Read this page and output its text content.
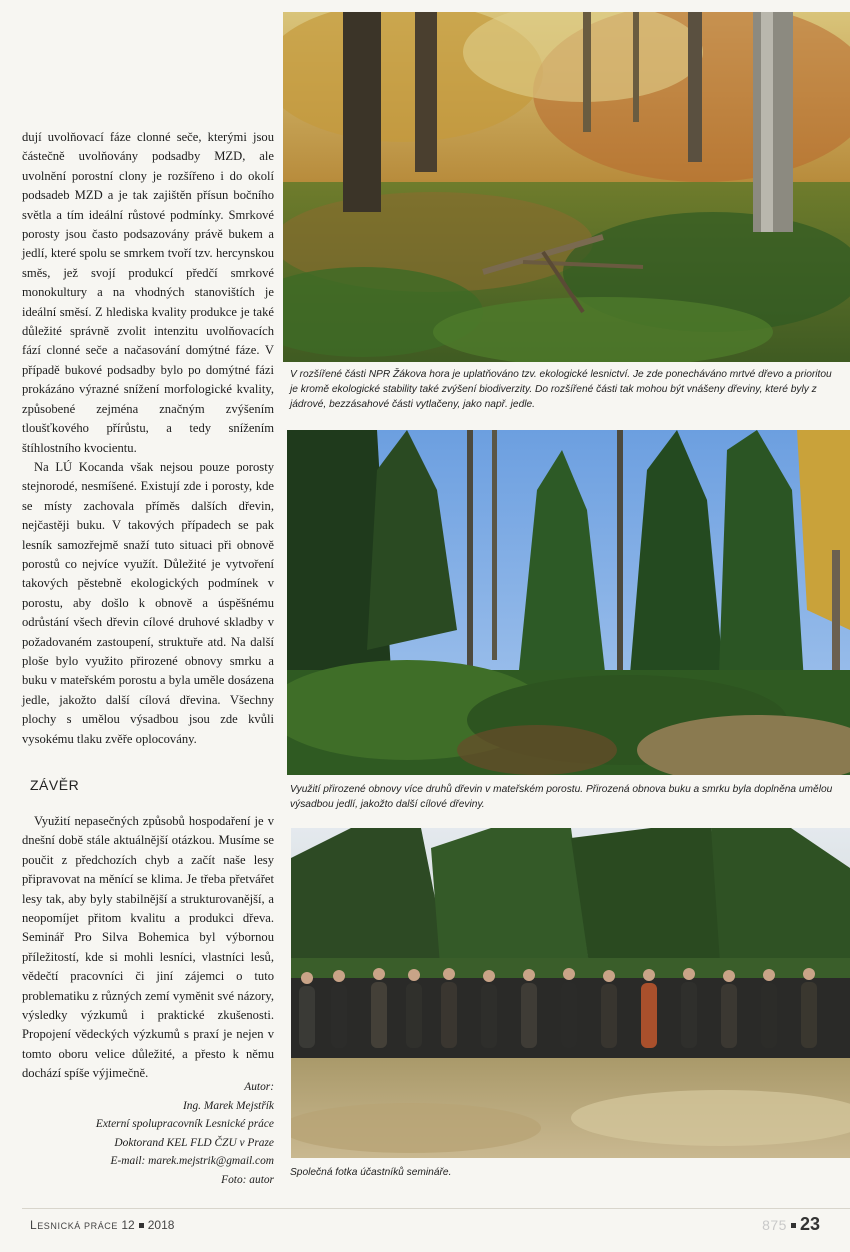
dují uvolňovací fáze clonné seče, kterými jsou částečně uvolňovány podsadby MZD, ale uvolnění porostní clony je rozšířeno i do okolí podsadeb MZD a je tak zajištěn přísun bočního světla a tím ideální růstové podmínky. Smrkové porosty jsou často podsazovány právě bukem a jedlí, které spolu se smrkem tvoří tzv. hercynskou směs, jež svojí produkcí předčí smrkové monokultury a na vhodných stanovištích je ideální směsí. Z hlediska kvality produkce je také důležité správně zvolit intenzitu uvolňovacích fází clonné seče a načasování domýtné fáze. V případě bukové podsadby bylo po domýtné fázi prokázáno výrazné snížení morfologické kvality, způsobené zejména značným zvýšením tloušťkového přírůstu, a tedy snížením štíhlostního kvocientu.

Na LÚ Kocanda však nejsou pouze porosty stejnorodé, nesmíšené. Existují zde i porosty, kde se místy zachovala příměs dalších dřevin, nejčastěji buku. V takových případech se pak lesník samozřejmě snaží tuto situaci při obnově porostů co nejvíce využít. Důležité je vytvoření takových pěstebně ekologických podmínek v porostu, aby došlo k obnově a úspěšnému odrůstání všech dřevin cílové druhové skladby v požadovaném zastoupení, struktuře atd. Na další ploše bylo využito přirozené obnovy smrku a buku v mateřském porostu a byla uměle dosázena jedle, jakožto další cílová dřevina. Všechny plochy s umělou výsadbou jsou zde kvůli vysokému tlaku zvěře oplocovány.

ZÁVĚR

Využití nepasečných způsobů hospodaření je v dnešní době stále aktuálnější otázkou. Musíme se poučit z předchozích chyb a začít naše lesy připravovat na měnící se klima. Je třeba přetvářet lesy tak, aby byly stabilnější a strukturovanější, a neopomíjet přitom kvalitu a produkci dřeva. Seminář Pro Silva Bohemica byl výbornou příležitostí, kde si mohli lesníci, vlastníci lesů, vědečtí pracovníci či jiní zájemci o tuto problematiku z různých zemí vyměnit své názory, výsledky výzkumů i praktické zkušenosti. Propojení vědeckých výzkumů s praxí je nejen v tomto oboru velice důležité, a přesto k němu dochází spíše výjimečně.

Autor:
Ing. Marek Mejstřík
Externí spolupracovník Lesnické práce
Doktorand KEL FLD ČZU v Praze
E-mail: marek.mejstrik@gmail.com
Foto: autor
V rozšířené části NPR Žákova hora je uplatňováno tzv. ekologické lesnictví. Je zde ponecháváno mrtvé dřevo a prioritou je kromě ekologické stability také zvýšení biodiverzity. Do rozšířené části tak mohou být vnášeny dřeviny, které byly z jádrové, bezzásahové části vytlačeny, jako např. jedle.
Využití přirozené obnovy více druhů dřevin v mateřském porostu. Přirozená obnova buku a smrku byla doplněna umělou výsadbou jedlí, jakožto další cílové dřeviny.
Společná fotka účastníků semináře.
LESNICKÁ PRÁCE 12 2018	875 23
